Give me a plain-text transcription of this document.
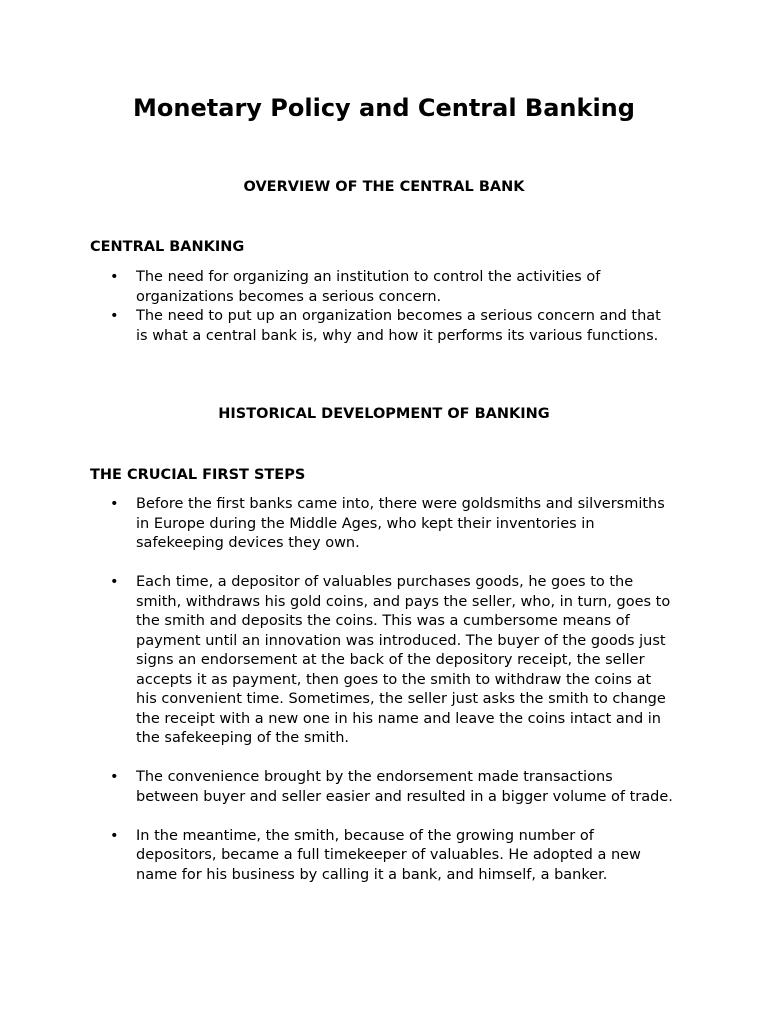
Monetary Policy and Central Banking
OVERVIEW OF THE CENTRAL BANK
CENTRAL BANKING
• The need for organizing an institution to control the activities of organizations becomes a serious concern.
• The need to put up an organization becomes a serious concern and that is what a central bank is, why and how it performs its various functions.
HISTORICAL DEVELOPMENT OF BANKING
THE CRUCIAL FIRST STEPS
• Before the first banks came into, there were goldsmiths and silversmiths in Europe during the Middle Ages, who kept their inventories in safekeeping devices they own.
• Each time, a depositor of valuables purchases goods, he goes to the smith, withdraws his gold coins, and pays the seller, who, in turn, goes to the smith and deposits the coins. This was a cumbersome means of payment until an innovation was introduced. The buyer of the goods just signs an endorsement at the back of the depository receipt, the seller accepts it as payment, then goes to the smith to withdraw the coins at his convenient time. Sometimes, the seller just asks the smith to change the receipt with a new one in his name and leave the coins intact and in the safekeeping of the smith.
• The convenience brought by the endorsement made transactions between buyer and seller easier and resulted in a bigger volume of trade.
• In the meantime, the smith, because of the growing number of depositors, became a full timekeeper of valuables. He adopted a new name for his business by calling it a bank, and himself, a banker.
